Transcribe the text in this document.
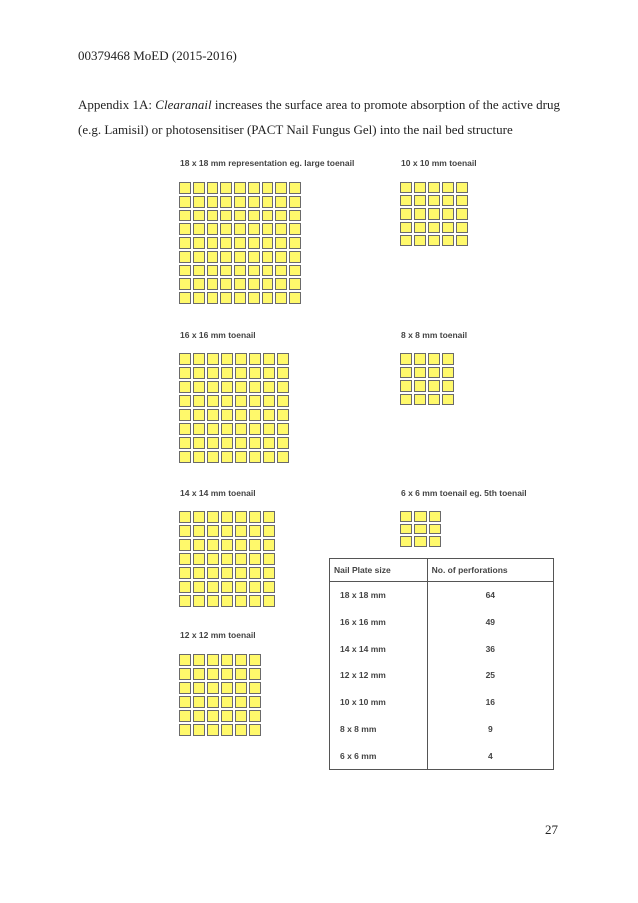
00379468 MoED (2015-2016)
Appendix 1A: Clearanail increases the surface area to promote absorption of the active drug (e.g. Lamisil) or photosensitiser (PACT Nail Fungus Gel) into the nail bed structure
18 x 18 mm representation eg. large toenail	10 x 10 mm toenail
16 x 16 mm toenail	8 x 8 mm toenail
14 x 14 mm toenail	6 x 6 mm toenail eg. 5th toenail
12 x 12 mm toenail
Nail Plate size	No. of perforations
18 x 18 mm	64
16 x 16 mm	49
14 x 14 mm	36
12 x 12 mm	25
10 x 10 mm	16
8 x 8 mm	9
6 x 6 mm	4
27
